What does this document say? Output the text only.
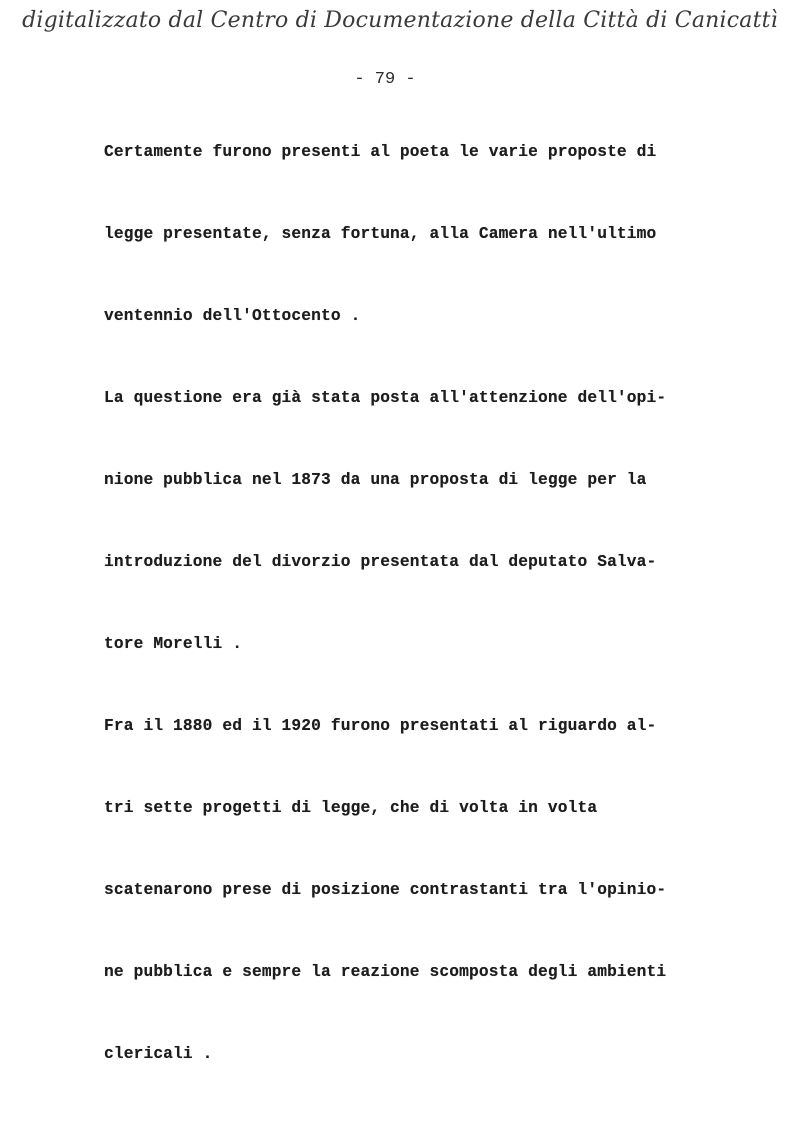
digitalizzato dal Centro di Documentazione della Città di Canicattì
- 79 -
Certamente furono presenti al poeta le varie proposte di
legge presentate, senza fortuna, alla Camera nell'ultimo
ventennio dell'Ottocento .
La questione era già stata posta all'attenzione dell'opi-
nione pubblica nel 1873 da una proposta di legge per la
introduzione del divorzio presentata dal deputato Salva-
tore Morelli .
Fra il 1880 ed il 1920 furono presentati al riguardo al-
tri sette progetti di legge, che di volta in volta
scatenarono prese di posizione contrastanti tra l'opinio-
ne pubblica e sempre la reazione scomposta degli ambienti
clericali .
